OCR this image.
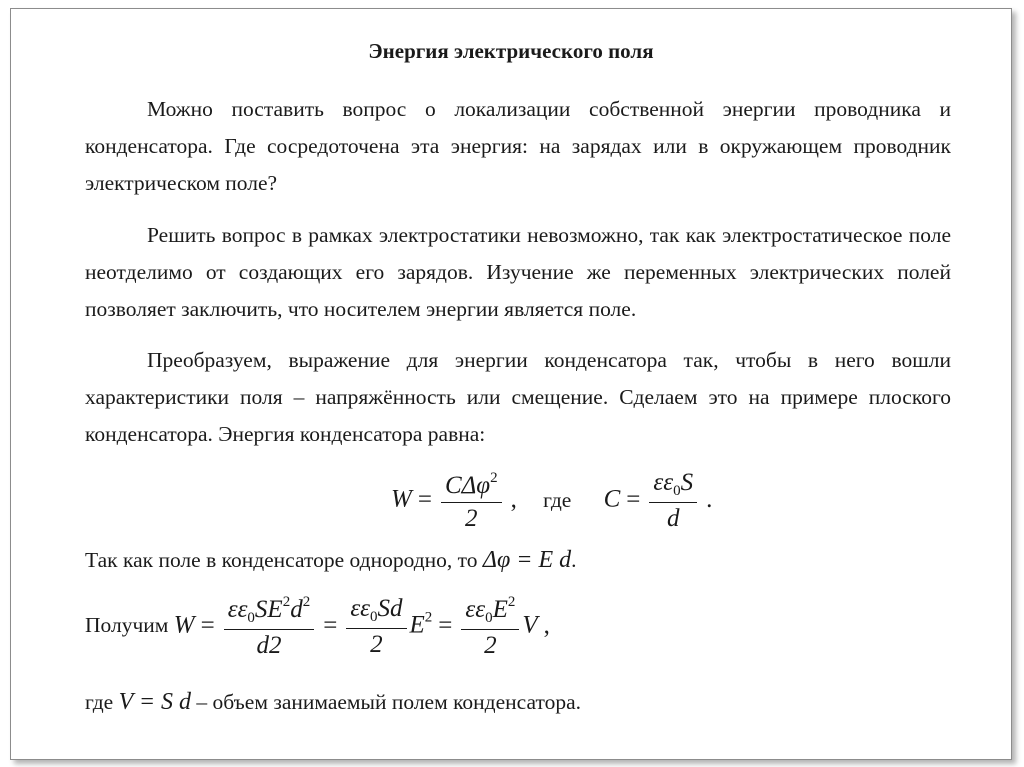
Энергия электрического поля
Можно поставить вопрос о локализации собственной энергии проводника и конденсатора. Где сосредоточена эта энергия: на зарядах или в окружающем проводник электрическом поле?
Решить вопрос в рамках электростатики невозможно, так как электростатическое поле неотделимо от создающих его зарядов. Изучение же переменных электрических полей позволяет заключить, что носителем энергии является поле.
Преобразуем, выражение для энергии конденсатора так, чтобы в него вошли характеристики поля – напряжённость или смещение. Сделаем это на примере плоского конденсатора. Энергия конденсатора равна:
$W = \frac{C\Delta\varphi^2}{2}$ , где $C = \frac{\varepsilon\varepsilon_0S}{d}$ .
Так как поле в конденсаторе однородно, то Δφ = E d.
Получим $W = \frac{\varepsilon\varepsilon_0SE^2d^2}{d2} = \frac{\varepsilon\varepsilon_0Sd}{2} E^2 = \frac{\varepsilon\varepsilon_0E^2}{2}$ V ,
где V = S d – объем занимаемый полем конденсатора.
